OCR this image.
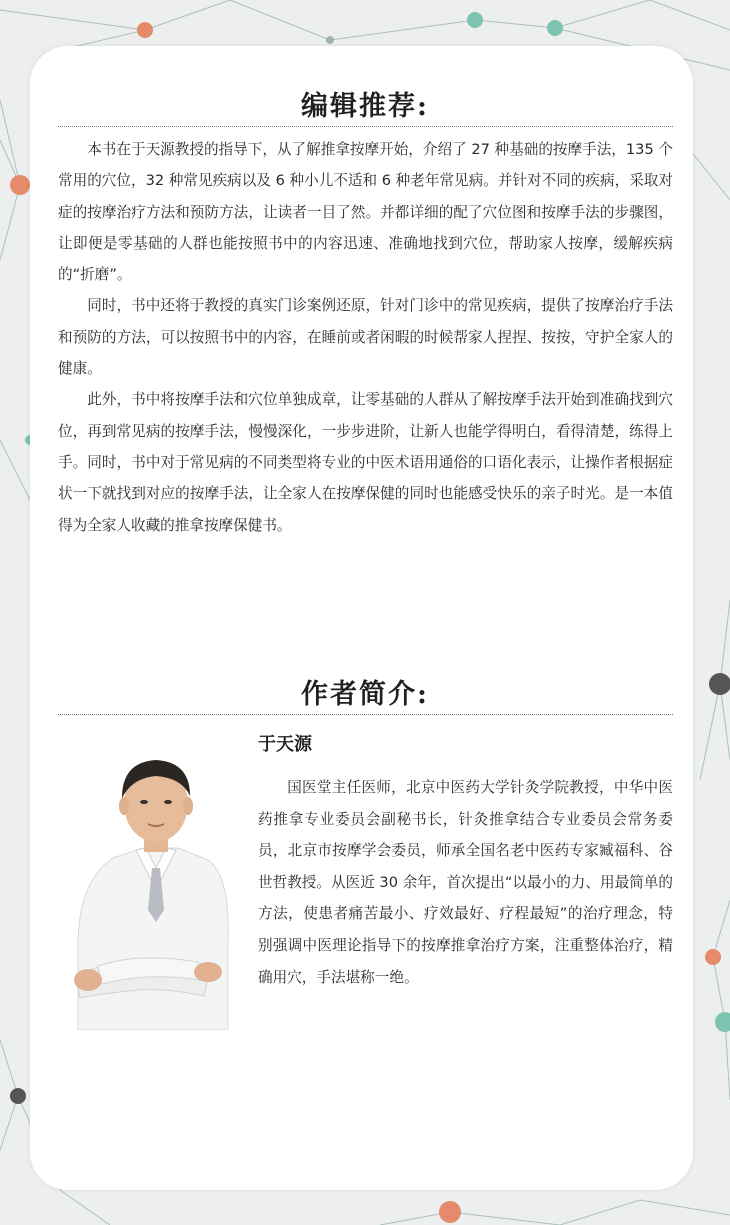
编辑推荐:

本书在于天源教授的指导下，从了解推拿按摩开始，介绍了 27 种基础的按摩手法，135 个常用的穴位，32 种常见疾病以及 6 种小儿不适和 6 种老年常见病。并针对不同的疾病，采取对症的按摩治疗方法和预防方法，让读者一目了然。并都详细的配了穴位图和按摩手法的步骤图，让即便是零基础的人群也能按照书中的内容迅速、准确地找到穴位，帮助家人按摩，缓解疾病的“折磨”。

同时，书中还将于教授的真实门诊案例还原，针对门诊中的常见疾病，提供了按摩治疗手法和预防的方法，可以按照书中的内容，在睡前或者闲暇的时候帮家人捏捏、按按，守护全家人的健康。

此外，书中将按摩手法和穴位单独成章，让零基础的人群从了解按摩手法开始到准确找到穴位，再到常见病的按摩手法，慢慢深化，一步步进阶，让新人也能学得明白，看得清楚，练得上手。同时，书中对于常见病的不同类型将专业的中医术语用通俗的口语化表示，让操作者根据症状一下就找到对应的按摩手法，让全家人在按摩保健的同时也能感受快乐的亲子时光。是一本值得为全家人收藏的推拿按摩保健书。

作者简介:
于天源

国医堂主任医师，北京中医药大学针灸学院教授，中华中医药推拿专业委员会副秘书长，针灸推拿结合专业委员会常务委员，北京市按摩学会委员，师承全国名老中医药专家臧福科、谷世哲教授。从医近 30 余年，首次提出“以最小的力、用最简单的方法，使患者痛苦最小、疗效最好、疗程最短”的治疗理念，特别强调中医理论指导下的按摩推拿治疗方案，注重整体治疗，精确用穴，手法堪称一绝。
